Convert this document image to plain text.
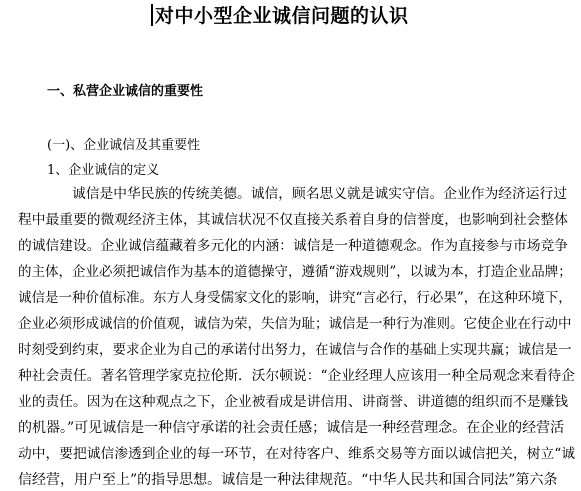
对中小型企业诚信问题的认识
一、私营企业诚信的重要性
(一)、企业诚信及其重要性
1、企业诚信的定义
诚信是中华民族的传统美德。诚信，顾名思义就是诚实守信。企业作为经济运行过
程中最重要的微观经济主体，其诚信状况不仅直接关系着自身的信誉度，也影响到社会整体
的诚信建设。企业诚信蕴藏着多元化的内涵：诚信是一种道德观念。作为直接参与市场竞争
的主体，企业必须把诚信作为基本的道德操守，遵循“游戏规则”，以诚为本，打造企业品牌；
诚信是一种价值标准。东方人身受儒家文化的影响，讲究“言必行，行必果”，在这种环境下，
企业必须形成诚信的价值观，诚信为荣，失信为耻；诚信是一种行为准则。它使企业在行动中
时刻受到约束，要求企业为自己的承诺付出努力，在诚信与合作的基础上实现共赢；诚信是一
种社会责任。著名管理学家克拉伦斯．沃尔顿说：“企业经理人应该用一种全局观念来看待企
业的责任。因为在这种观点之下，企业被看成是讲信用、讲商誉、讲道德的组织而不是赚钱
的机器。”可见诚信是一种信守承诺的社会责任感；诚信是一种经营理念。在企业的经营活
动中，要把诚信渗透到企业的每一环节，在对待客户、维系交易等方面以诚信把关，树立“诚
信经营，用户至上”的指导思想。诚信是一种法律规范。“中华人民共和国合同法”第六条
